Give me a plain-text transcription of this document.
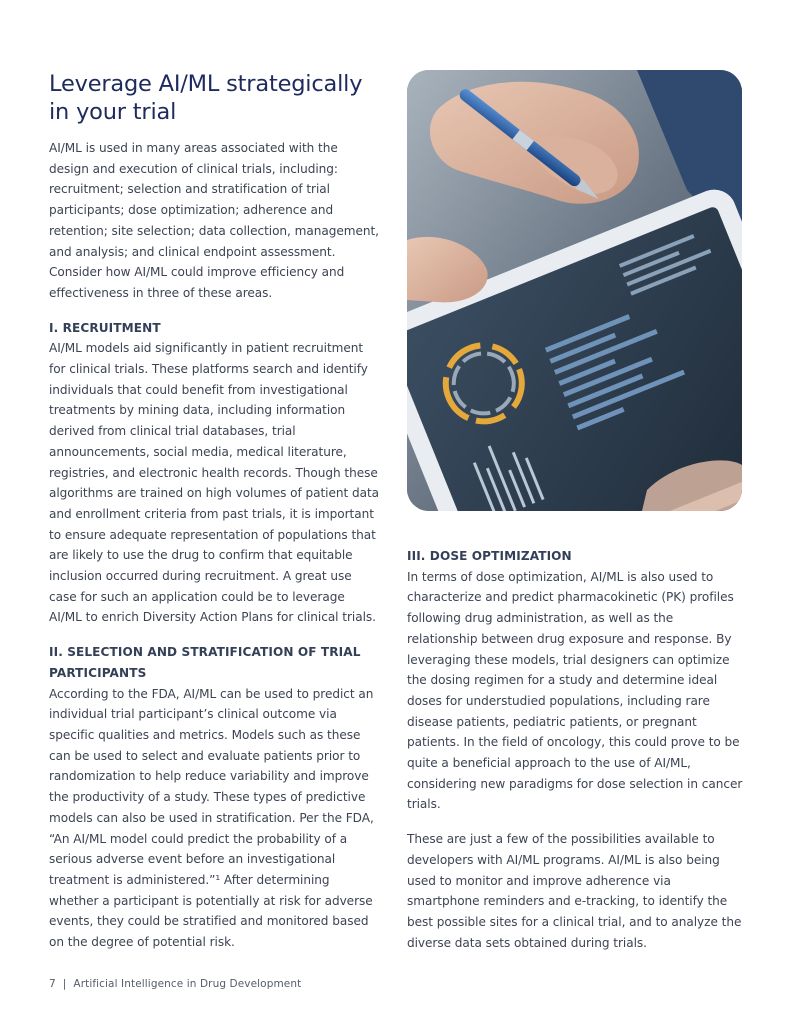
Leverage AI/ML strategically in your trial

AI/ML is used in many areas associated with the design and execution of clinical trials, including: recruitment; selection and stratification of trial participants; dose optimization; adherence and retention; site selection; data collection, management, and analysis; and clinical endpoint assessment. Consider how AI/ML could improve efficiency and effectiveness in three of these areas.

I. RECRUITMENT

AI/ML models aid significantly in patient recruitment for clinical trials. These platforms search and identify individuals that could benefit from investigational treatments by mining data, including information derived from clinical trial databases, trial announcements, social media, medical literature, registries, and electronic health records. Though these algorithms are trained on high volumes of patient data and enrollment criteria from past trials, it is important to ensure adequate representation of populations that are likely to use the drug to confirm that equitable inclusion occurred during recruitment. A great use case for such an application could be to leverage AI/ML to enrich Diversity Action Plans for clinical trials.

II. SELECTION AND STRATIFICATION OF TRIAL PARTICIPANTS

According to the FDA, AI/ML can be used to predict an individual trial participant’s clinical outcome via specific qualities and metrics. Models such as these can be used to select and evaluate patients prior to randomization to help reduce variability and improve the productivity of a study. These types of predictive models can also be used in stratification. Per the FDA, “An AI/ML model could predict the probability of a serious adverse event before an investigational treatment is administered.”¹ After determining whether a participant is potentially at risk for adverse events, they could be stratified and monitored based on the degree of potential risk.

III. DOSE OPTIMIZATION

In terms of dose optimization, AI/ML is also used to characterize and predict pharmacokinetic (PK) profiles following drug administration, as well as the relationship between drug exposure and response. By leveraging these models, trial designers can optimize the dosing regimen for a study and determine ideal doses for understudied populations, including rare disease patients, pediatric patients, or pregnant patients. In the field of oncology, this could prove to be quite a beneficial approach to the use of AI/ML, considering new paradigms for dose selection in cancer trials.

These are just a few of the possibilities available to developers with AI/ML programs. AI/ML is also being used to monitor and improve adherence via smartphone reminders and e-tracking, to identify the best possible sites for a clinical trial, and to analyze the diverse data sets obtained during trials.

7 | Artificial Intelligence in Drug Development
